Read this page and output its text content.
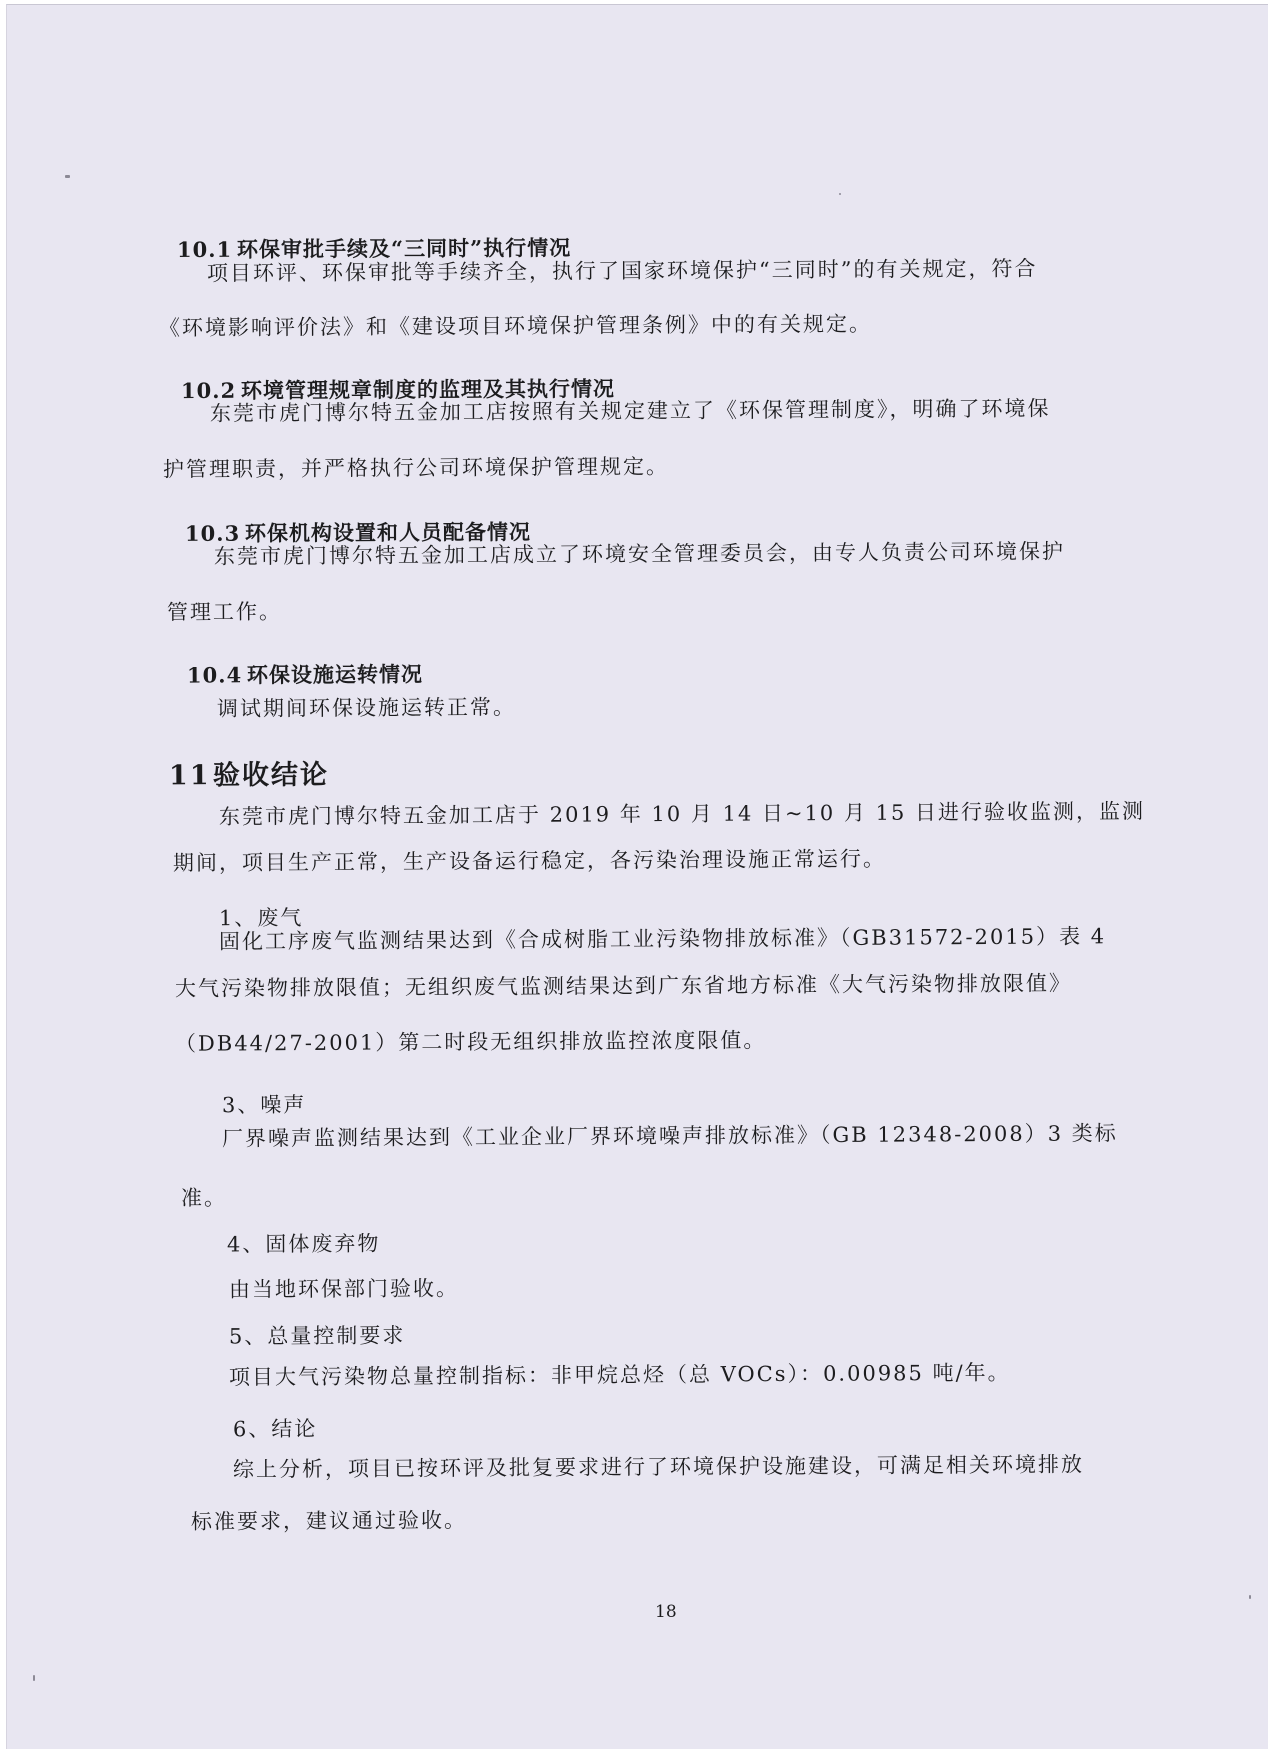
10.1 环保审批手续及“三同时”执行情况
项目环评、环保审批等手续齐全，执行了国家环境保护“三同时”的有关规定，符合
《环境影响评价法》和《建设项目环境保护管理条例》中的有关规定。
10.2 环境管理规章制度的监理及其执行情况
东莞市虎门博尔特五金加工店按照有关规定建立了《环保管理制度》，明确了环境保
护管理职责，并严格执行公司环境保护管理规定。
10.3 环保机构设置和人员配备情况
东莞市虎门博尔特五金加工店成立了环境安全管理委员会，由专人负责公司环境保护
管理工作。
10.4 环保设施运转情况
调试期间环保设施运转正常。
11验收结论
东莞市虎门博尔特五金加工店于 2019 年 10 月 14 日~10 月 15 日进行验收监测，监测
期间，项目生产正常，生产设备运行稳定，各污染治理设施正常运行。
1、废气
固化工序废气监测结果达到《合成树脂工业污染物排放标准》（GB31572-2015）表 4
大气污染物排放限值；无组织废气监测结果达到广东省地方标准《大气污染物排放限值》
（DB44/27-2001）第二时段无组织排放监控浓度限值。
3、噪声
厂界噪声监测结果达到《工业企业厂界环境噪声排放标准》（GB 12348-2008）3 类标
准。
4、固体废弃物
由当地环保部门验收。
5、总量控制要求
项目大气污染物总量控制指标：非甲烷总烃（总 VOCs）：0.00985 吨/年。
6、结论
综上分析，项目已按环评及批复要求进行了环境保护设施建设，可满足相关环境排放
标准要求，建议通过验收。
18
